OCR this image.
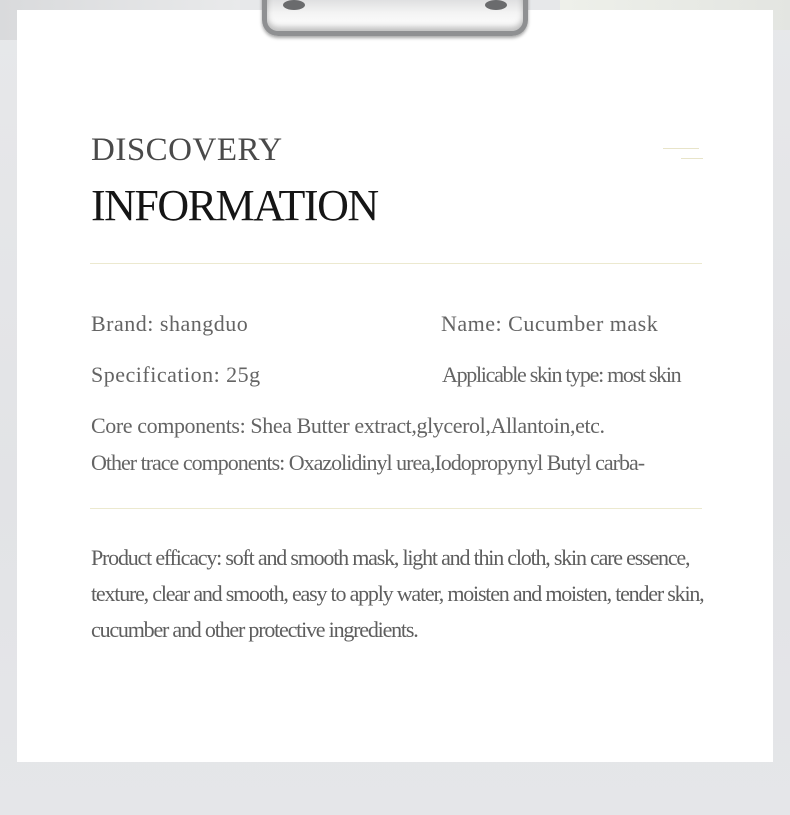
DISCOVERY
INFORMATION
Brand: shangduo	Name: Cucumber mask
Specification: 25g	Applicable skin type: most skin
Core components: Shea Butter extract,glycerol,Allantoin,etc.
Other trace components: Oxazolidinyl urea,Iodopropynyl Butyl carba-

Product efficacy: soft and smooth mask, light and thin cloth, skin care essence, texture, clear and smooth, easy to apply water, moisten and moisten, tender skin, cucumber and other protective ingredients.
